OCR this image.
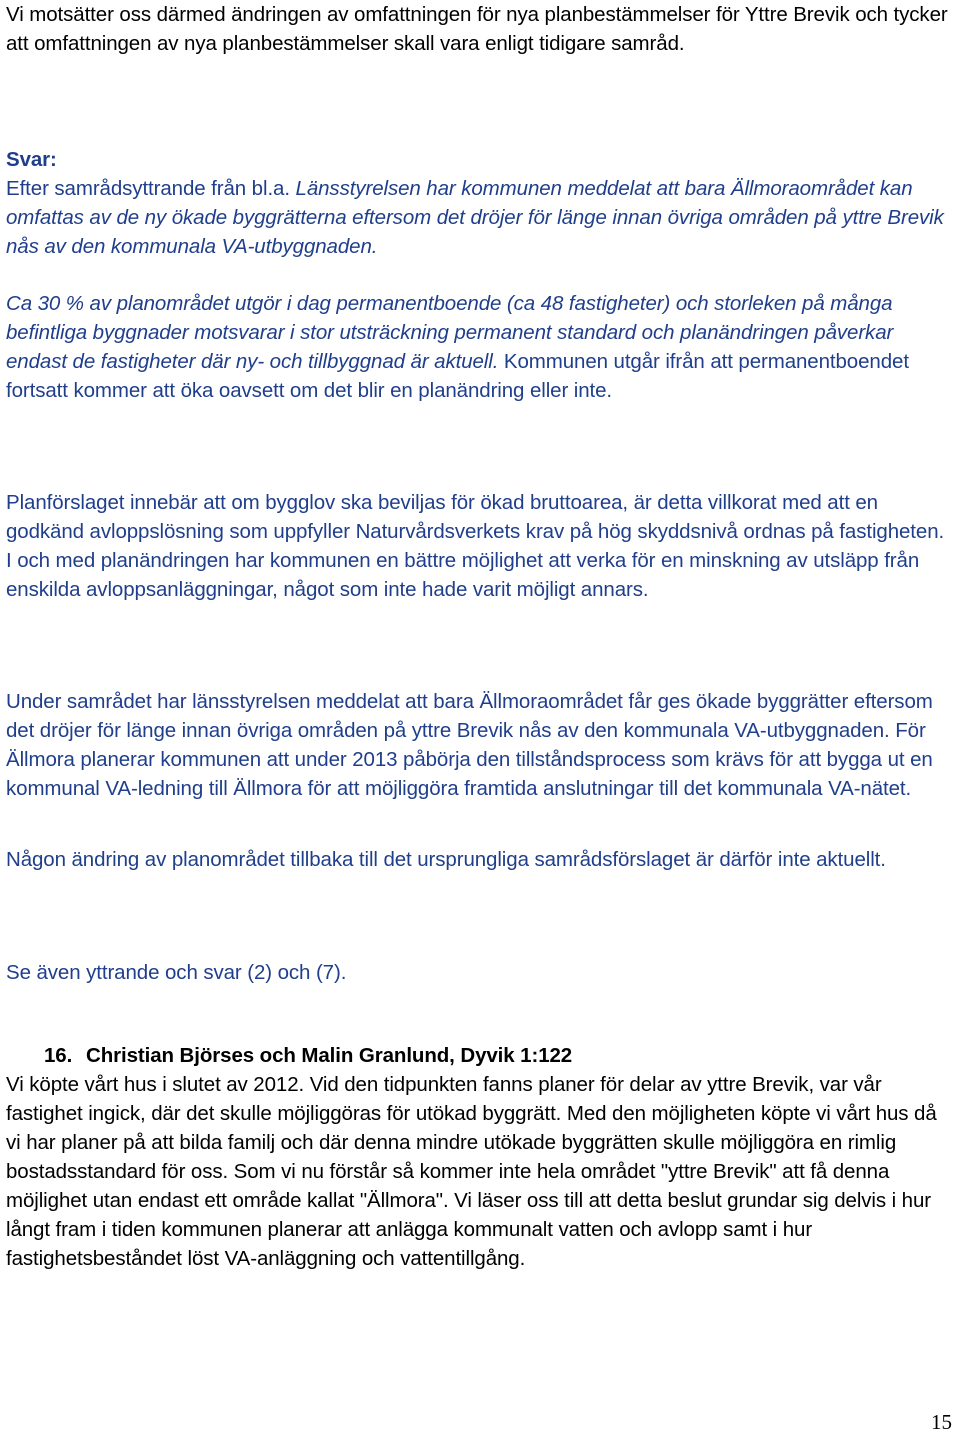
Vi motsätter oss därmed ändringen av omfattningen för nya planbestämmelser för Yttre Brevik och tycker att omfattningen av nya planbestämmelser skall vara enligt tidigare samråd.

Svar:

Efter samrådsyttrande från bl.a. Länsstyrelsen har kommunen meddelat att bara Ällmoraområdet kan omfattas av de ny ökade byggrätterna eftersom det dröjer för länge innan övriga områden på yttre Brevik nås av den kommunala VA-utbyggnaden.

Ca 30 % av planområdet utgör i dag permanentboende (ca 48 fastigheter) och storleken på många befintliga byggnader motsvarar i stor utsträckning permanent standard och planändringen påverkar endast de fastigheter där ny- och tillbyggnad är aktuell. Kommunen utgår ifrån att permanentboendet fortsatt kommer att öka oavsett om det blir en planändring eller inte.

Planförslaget innebär att om bygglov ska beviljas för ökad bruttoarea, är detta villkorat med att en godkänd avloppslösning som uppfyller Naturvårdsverkets krav på hög skyddsnivå ordnas på fastigheten. I och med planändringen har kommunen en bättre möjlighet att verka för en minskning av utsläpp från enskilda avloppsanläggningar, något som inte hade varit möjligt annars.

Under samrådet har länsstyrelsen meddelat att bara Ällmoraområdet får ges ökade byggrätter eftersom det dröjer för länge innan övriga områden på yttre Brevik nås av den kommunala VA-utbyggnaden. För Ällmora planerar kommunen att under 2013 påbörja den tillståndsprocess som krävs för att bygga ut en kommunal VA-ledning till Ällmora för att möjliggöra framtida anslutningar till det kommunala VA-nätet.

Någon ändring av planområdet tillbaka till det ursprungliga samrådsförslaget är därför inte aktuellt.

Se även yttrande och svar (2) och (7).

16. Christian Björses och Malin Granlund, Dyvik 1:122

Vi köpte vårt hus i slutet av 2012. Vid den tidpunkten fanns planer för delar av yttre Brevik, var vår fastighet ingick, där det skulle möjliggöras för utökad byggrätt. Med den möjligheten köpte vi vårt hus då vi har planer på att bilda familj och där denna mindre utökade byggrätten skulle möjliggöra en rimlig bostadsstandard för oss. Som vi nu förstår så kommer inte hela området "yttre Brevik" att få denna möjlighet utan endast ett område kallat "Ällmora". Vi läser oss till att detta beslut grundar sig delvis i hur långt fram i tiden kommunen planerar att anlägga kommunalt vatten och avlopp samt i hur fastighetsbeståndet löst VA-anläggning och vattentillgång.

15
